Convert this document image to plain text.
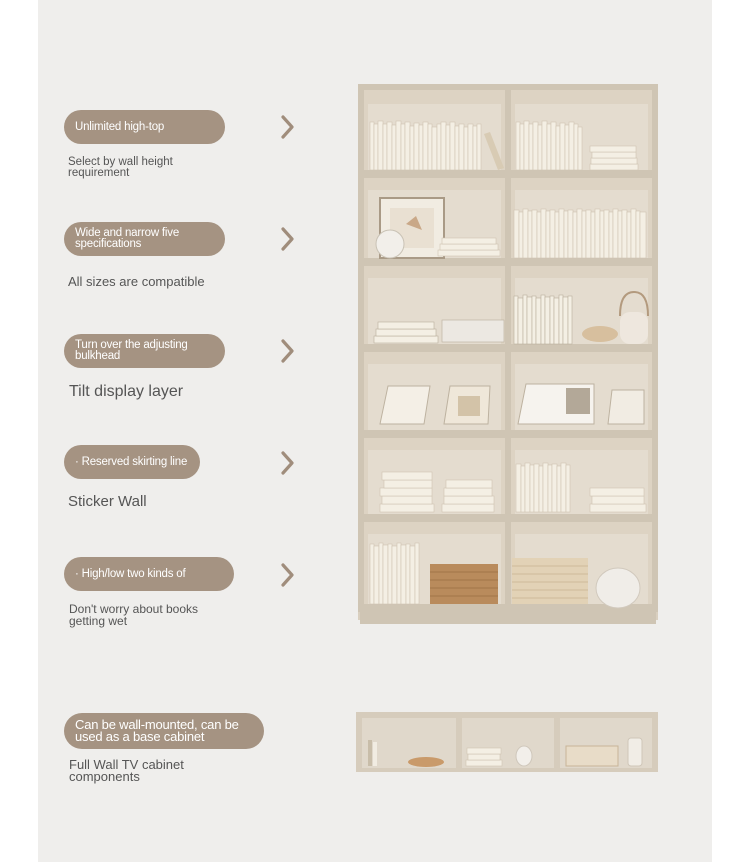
Unlimited high-top
Select by wall height requirement
Wide and narrow five specifications
All sizes are compatible
Turn over the adjusting bulkhead
Tilt display layer
· Reserved skirting line
Sticker Wall
· High/low two kinds of
Don't worry about books getting wet
Can be wall-mounted, can be used as a base cabinet
Full Wall TV cabinet components
